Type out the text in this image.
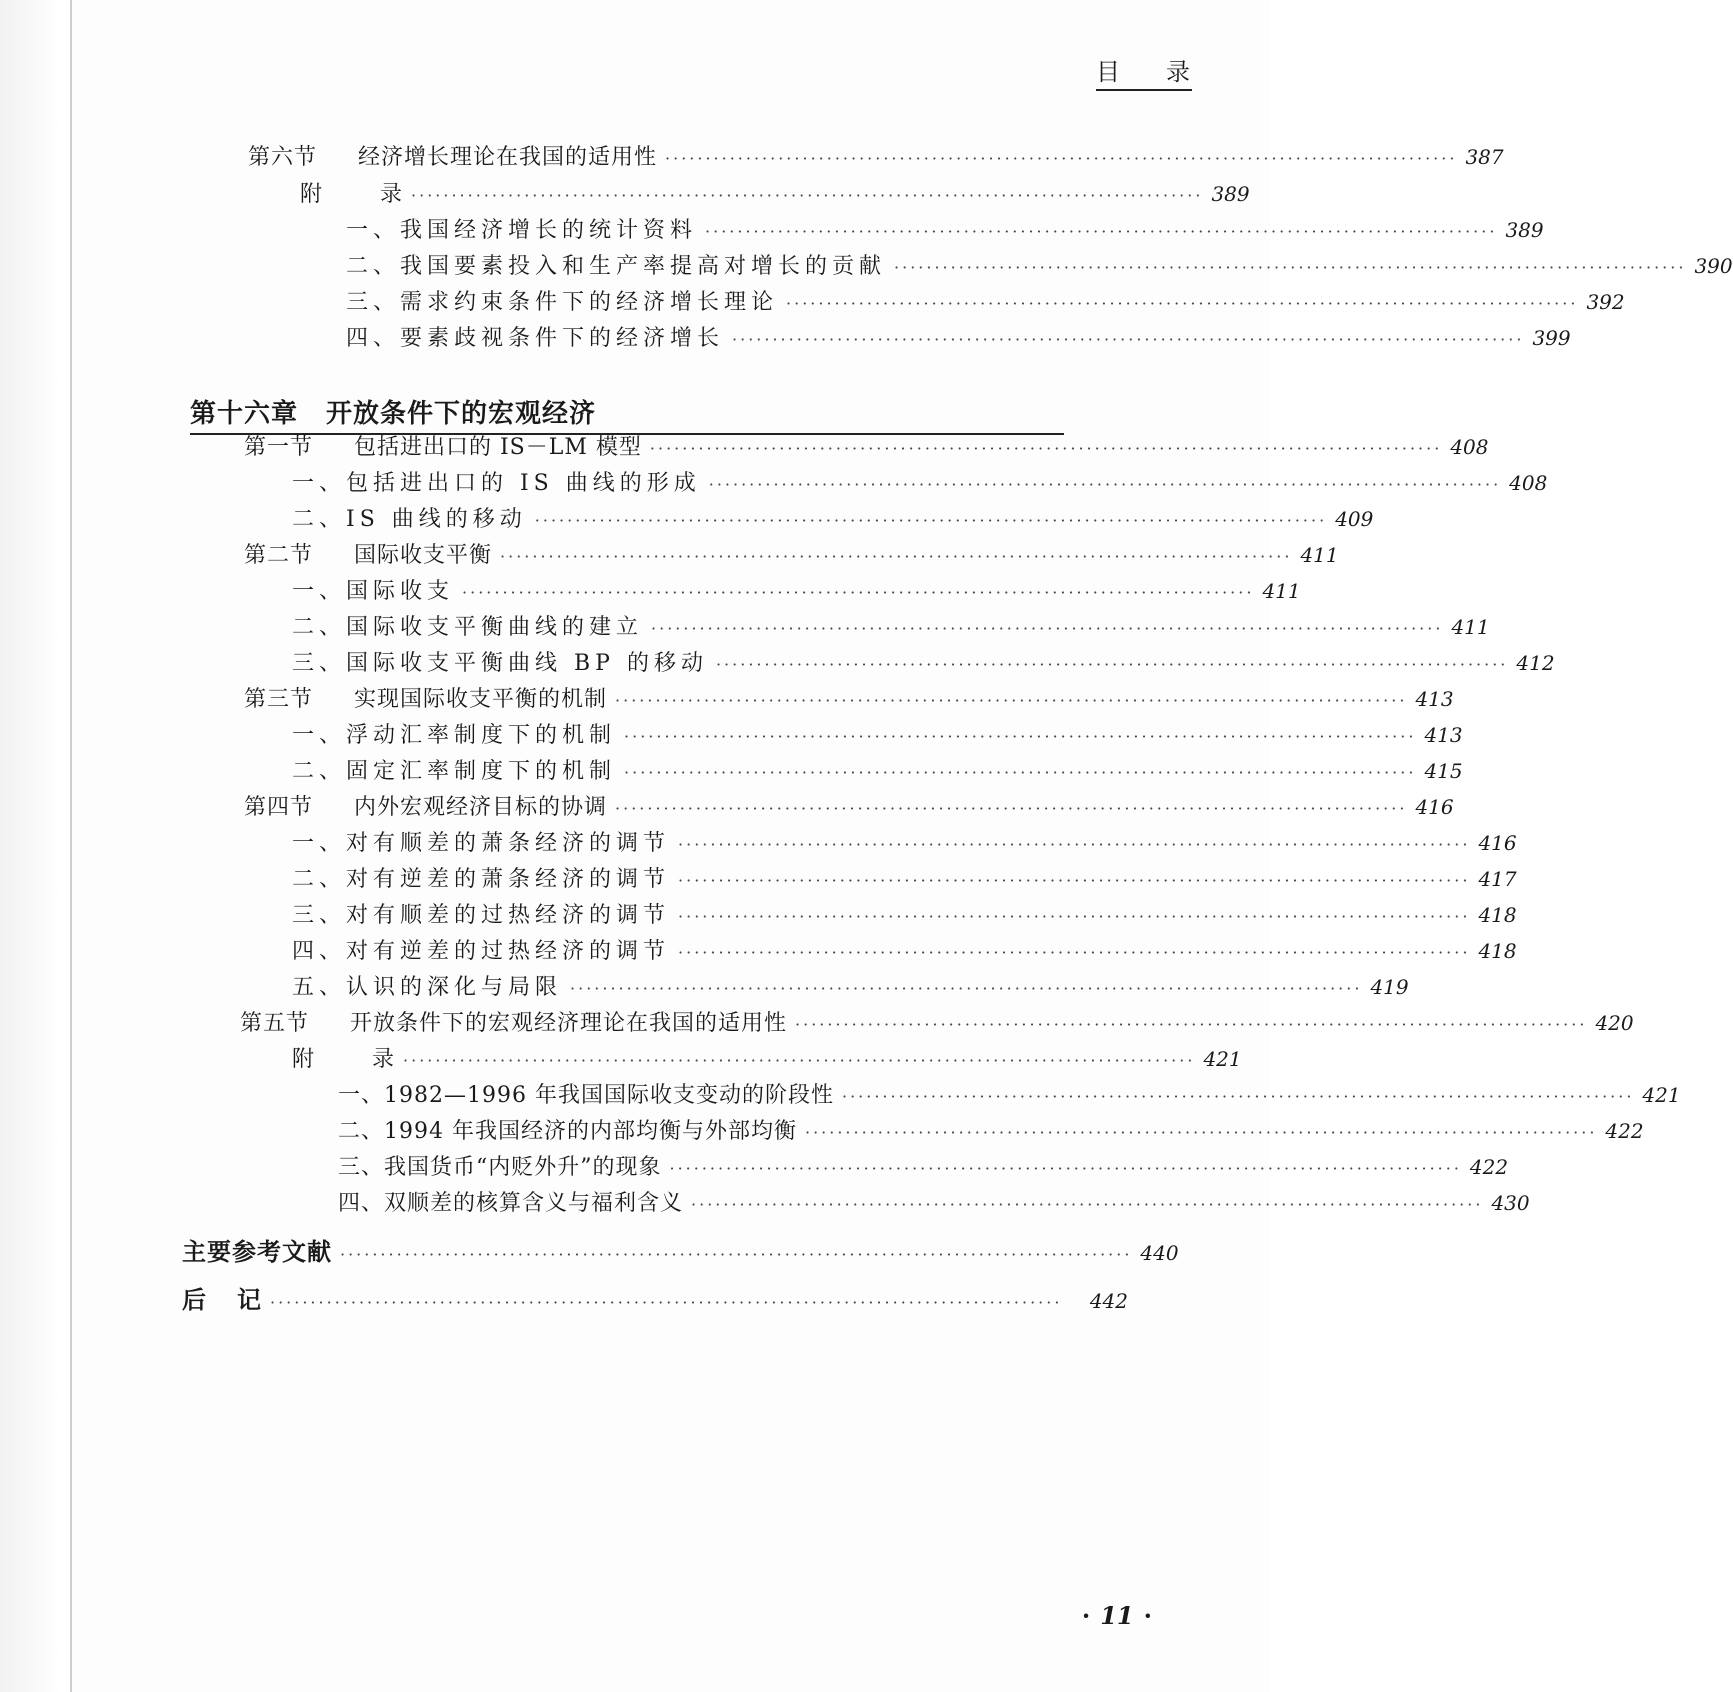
目 录
第六节 经济增长理论在我国的适用性 ·································································································· 387
附 录 ·································································································· 389
一、我国经济增长的统计资料 ·································································································· 389
二、我国要素投入和生产率提高对增长的贡献 ·································································································· 390
三、需求约束条件下的经济增长理论 ·································································································· 392
四、要素歧视条件下的经济增长 ·································································································· 399
第十六章 开放条件下的宏观经济
第一节 包括进出口的 IS－LM 模型 ·································································································· 408
一、包括进出口的 IS 曲线的形成 ·································································································· 408
二、IS 曲线的移动 ·································································································· 409
第二节 国际收支平衡 ·································································································· 411
一、国际收支 ·································································································· 411
二、国际收支平衡曲线的建立 ·································································································· 411
三、国际收支平衡曲线 BP 的移动 ·································································································· 412
第三节 实现国际收支平衡的机制 ·································································································· 413
一、浮动汇率制度下的机制 ·································································································· 413
二、固定汇率制度下的机制 ·································································································· 415
第四节 内外宏观经济目标的协调 ·································································································· 416
一、对有顺差的萧条经济的调节 ·································································································· 416
二、对有逆差的萧条经济的调节 ·································································································· 417
三、对有顺差的过热经济的调节 ·································································································· 418
四、对有逆差的过热经济的调节 ·································································································· 418
五、认识的深化与局限 ·································································································· 419
第五节 开放条件下的宏观经济理论在我国的适用性 ·································································································· 420
附 录 ·································································································· 421
一、1982—1996 年我国国际收支变动的阶段性 ·································································································· 421
二、1994 年我国经济的内部均衡与外部均衡 ·································································································· 422
三、我国货币“内贬外升”的现象 ·································································································· 422
四、双顺差的核算含义与福利含义 ·································································································· 430
主要参考文献 ·································································································· 440
后 记 ··································································································	442
· 11 ·
